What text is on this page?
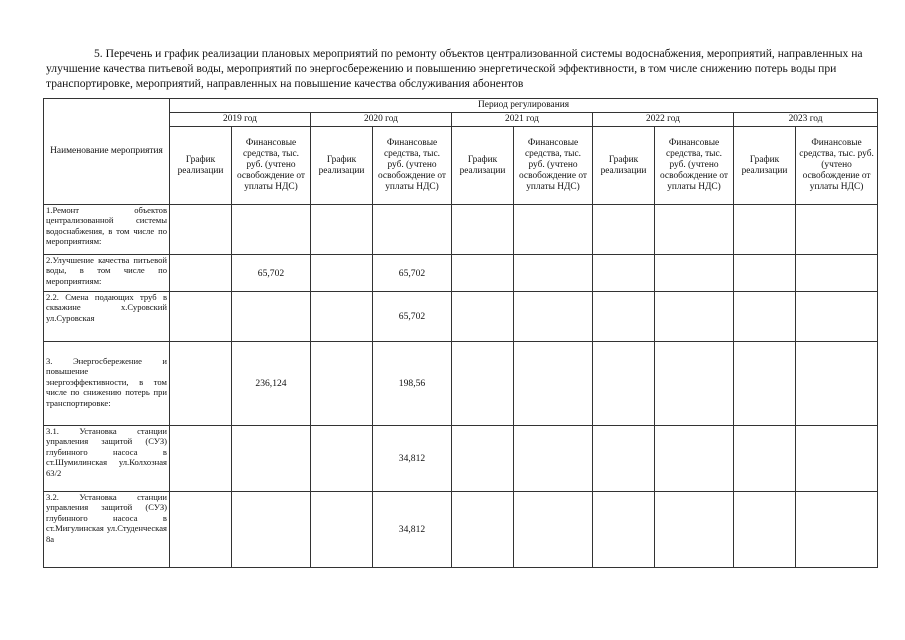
5. Перечень и график реализации плановых мероприятий по ремонту объектов централизованной системы водоснабжения, мероприятий, направленных на улучшение качества питьевой воды, мероприятий по энергосбережению и повышению энергетической эффективности, в том числе снижению потерь воды при транспортировке, мероприятий, направленных на повышение качества обслуживания абонентов
Наименование мероприятия	Период регулирования									
	2019 год		2020 год		2021 год		2022 год		2023 год	
	График реализации	Финансовые средства, тыс. руб. (учтено освобождение от уплаты НДС)	График реализации	Финансовые средства, тыс. руб. (учтено освобождение от уплаты НДС)	График реализации	Финансовые средства, тыс. руб. (учтено освобождение от уплаты НДС)	График реализации	Финансовые средства, тыс. руб. (учтено освобождение от уплаты НДС)	График реализации	Финансовые средства, тыс. руб. (учтено освобождение от уплаты НДС)
1.Ремонт объектов централизованной системы водоснабжения, в том числе по мероприятиям:										
2.Улучшение качества питьевой воды, в том числе по мероприятиям:		65,702		65,702						
2.2. Смена подающих труб в скважине х.Суровский ул.Суровская				65,702						
3. Энергосбережение и повышение энергоэффективности, в том числе по снижению потерь при транспортировке:		236,124		198,56						
3.1. Установка станции управления защитой (СУЗ) глубинного насоса в ст.Шумилинская ул.Колхозная 63/2				34,812						
3.2. Установка станции управления защитой (СУЗ) глубинного насоса в ст.Мигулинская ул.Студенческая 8а				34,812						
